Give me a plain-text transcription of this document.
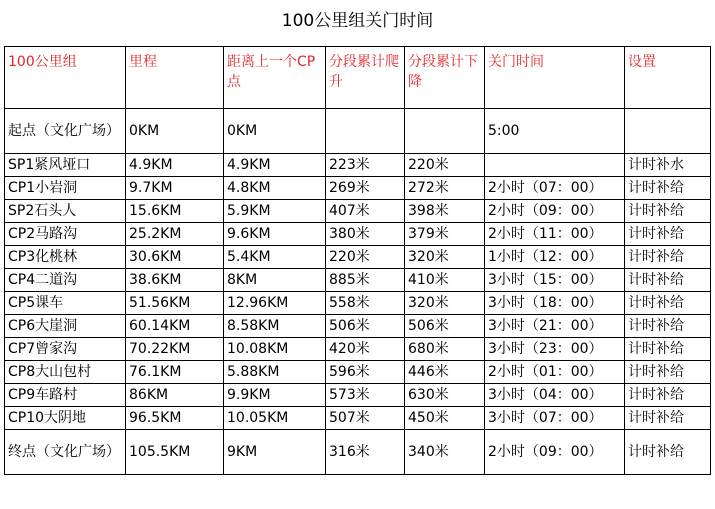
100公里组关门时间
100公里组	里程	距离上一个CP点	分段累计爬升	分段累计下降	关门时间	设置
起点（文化广场）	0KM	0KM			5:00	
SP1紧风垭口	4.9KM	4.9KM	223米	220米		计时补水
CP1小岩洞	9.7KM	4.8KM	269米	272米	2小时（07：00）	计时补给
SP2石头人	15.6KM	5.9KM	407米	398米	2小时（09：00）	计时补给
CP2马路沟	25.2KM	9.6KM	380米	379米	2小时（11：00）	计时补给
CP3化桃林	30.6KM	5.4KM	220米	320米	1小时（12：00）	计时补给
CP4二道沟	38.6KM	8KM	885米	410米	3小时（15：00）	计时补给
CP5课车	51.56KM	12.96KM	558米	320米	3小时（18：00）	计时补给
CP6大崖洞	60.14KM	8.58KM	506米	506米	3小时（21：00）	计时补给
CP7曾家沟	70.22KM	10.08KM	420米	680米	3小时（23：00）	计时补给
CP8大山包村	76.1KM	5.88KM	596米	446米	2小时（01：00）	计时补给
CP9车路村	86KM	9.9KM	573米	630米	3小时（04：00）	计时补给
CP10大阴地	96.5KM	10.05KM	507米	450米	3小时（07：00）	计时补给
终点（文化广场）	105.5KM	9KM	316米	340米	2小时（09：00）	计时补给
